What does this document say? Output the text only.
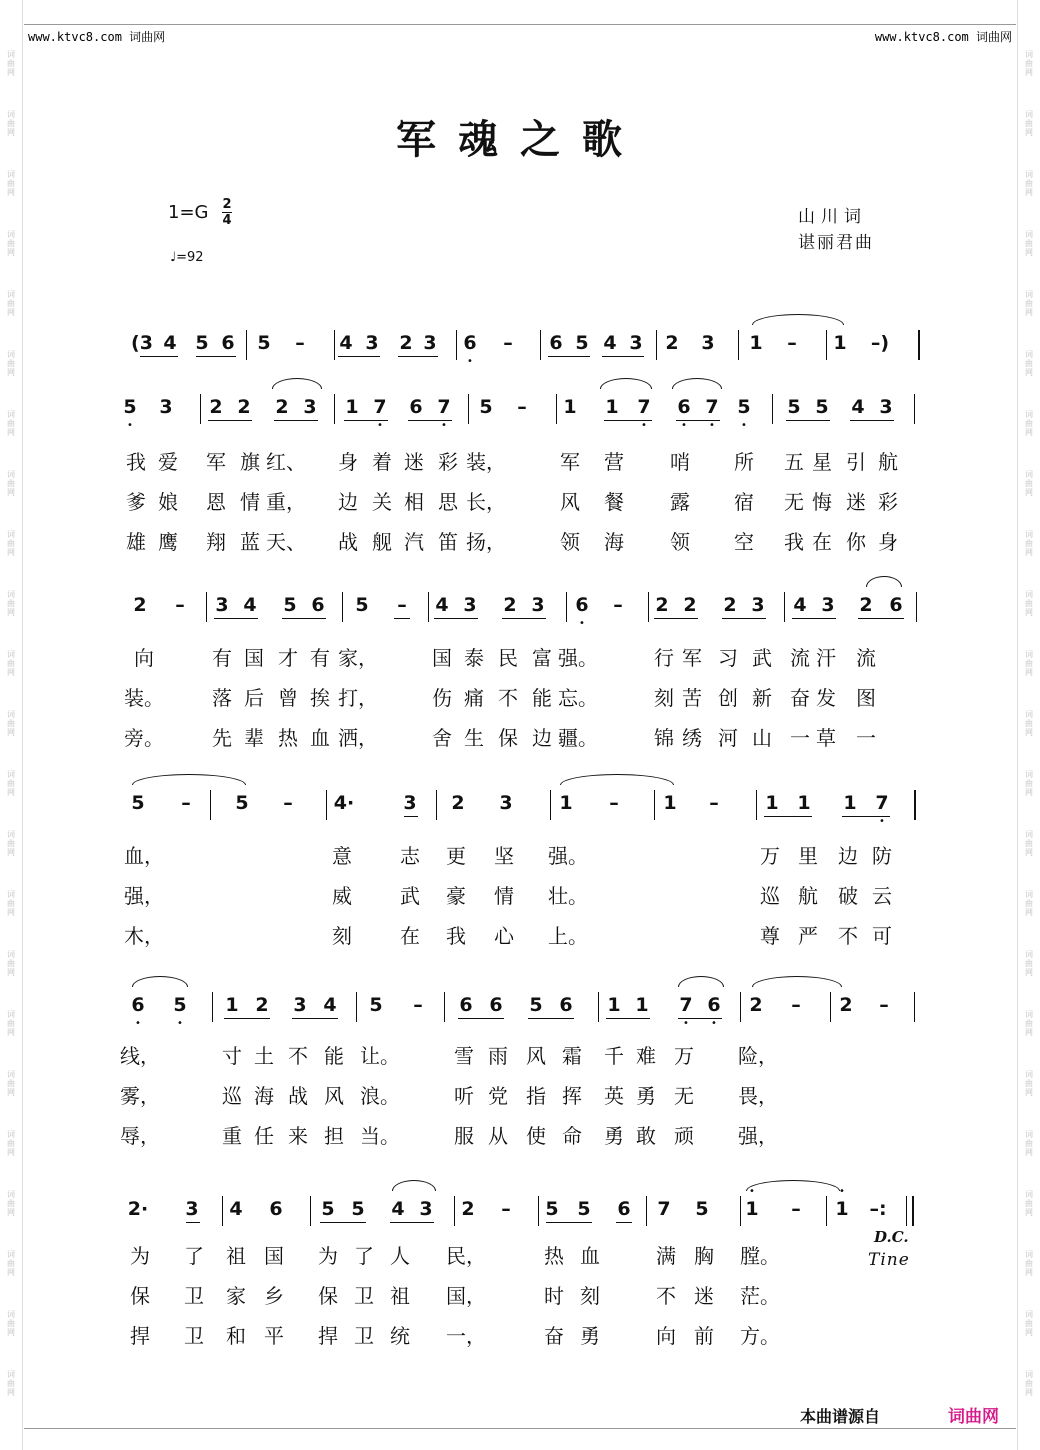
词
曲
网
词
曲
网
词
曲
网
词
曲
网
词
曲
网
词
曲
网
词
曲
网
词
曲
网
词
曲
网
词
曲
网
词
曲
网
词
曲
网
词
曲
网
词
曲
网
词
曲
网
词
曲
网
词
曲
网
词
曲
网
词
曲
网
词
曲
网
词
曲
网
词
曲
网
词
曲
网
词
曲
网
词
曲
网
词
曲
网
词
曲
网
词
曲
网
词
曲
网
词
曲
网
词
曲
网
词
曲
网
词
曲
网
词
曲
网
词
曲
网
词
曲
网
词
曲
网
词
曲
网
词
曲
网
词
曲
网
词
曲
网
词
曲
网
词
曲
网
词
曲
网
词
曲
网
词
曲
网
www.ktvc8.com 词曲网	www.ktvc8.com 词曲网
军魂之歌
1=G 2
4
♩=92
山川词
谌丽君曲
(3 4 5 6 5 – 4 3 2 3 6 – 6 5 4 3 2 3 1 – 1 –)
5 3 2 2 2 3 1 7 6 7 5 – 1 1 7 6 7 5 5 5 4 3
2 – 3 4 5 6 5 – 4 3 2 3 6 – 2 2 2 3 4 3 2 6
5 – 5 – 4·	3 2 3 1 – 1 – 1 1 1 7
6 5 1 2 3 4 5 – 6 6 5 6 1 1 7 6 2 – 2 –
2· 3 4 6 5 5 4 3 2 – 5 5 6 7 5 1 – 1 –:
•
•	•	•	•	• •	•
•
•
•	•	• •
•	•
我 爱 军 旗 红、 身 着 迷 彩 装，	军 营 哨 所 五 星 引 航
爹 娘 恩 情 重， 边 关 相 思 长，	风 餐 露 宿 无 悔 迷 彩
雄 鹰 翔 蓝 天、 战 舰 汽 笛 扬，	领 海 领 空 我 在 你 身
向	有 国 才 有 家，	国 泰 民 富 强。	行 军 习 武 流 汗 流
装。 落 后 曾 挨 打，	伤 痛 不 能 忘。	刻 苦 创 新 奋 发 图
旁。 先 辈 热 血 洒，	舍 生 保 边 疆。	锦 绣 河 山 一 草 一
血，	意 志 更 坚 强。	万 里 边 防
强，	威 武 豪 情 壮。	巡 航 破 云
木，	刻 在 我 心 上。	尊 严 不 可
线，	寸 土 不 能 让。	雪 雨 风 霜 千 难 万 险，
雾，	巡 海 战 风 浪。	听 党 指 挥 英 勇 无 畏，
辱，	重 任 来 担 当。	服 从 使 命 勇 敢 顽 强，
为 了 祖 国 为 了 人 民，	热 血	满 胸 膛。
保 卫 家 乡 保 卫 祖 国，	时 刻	不 迷 茫。
捍 卫 和 平 捍 卫 统 一，	奋 勇	向 前 方。
D.C.
Tine
本曲谱源自	词曲网
